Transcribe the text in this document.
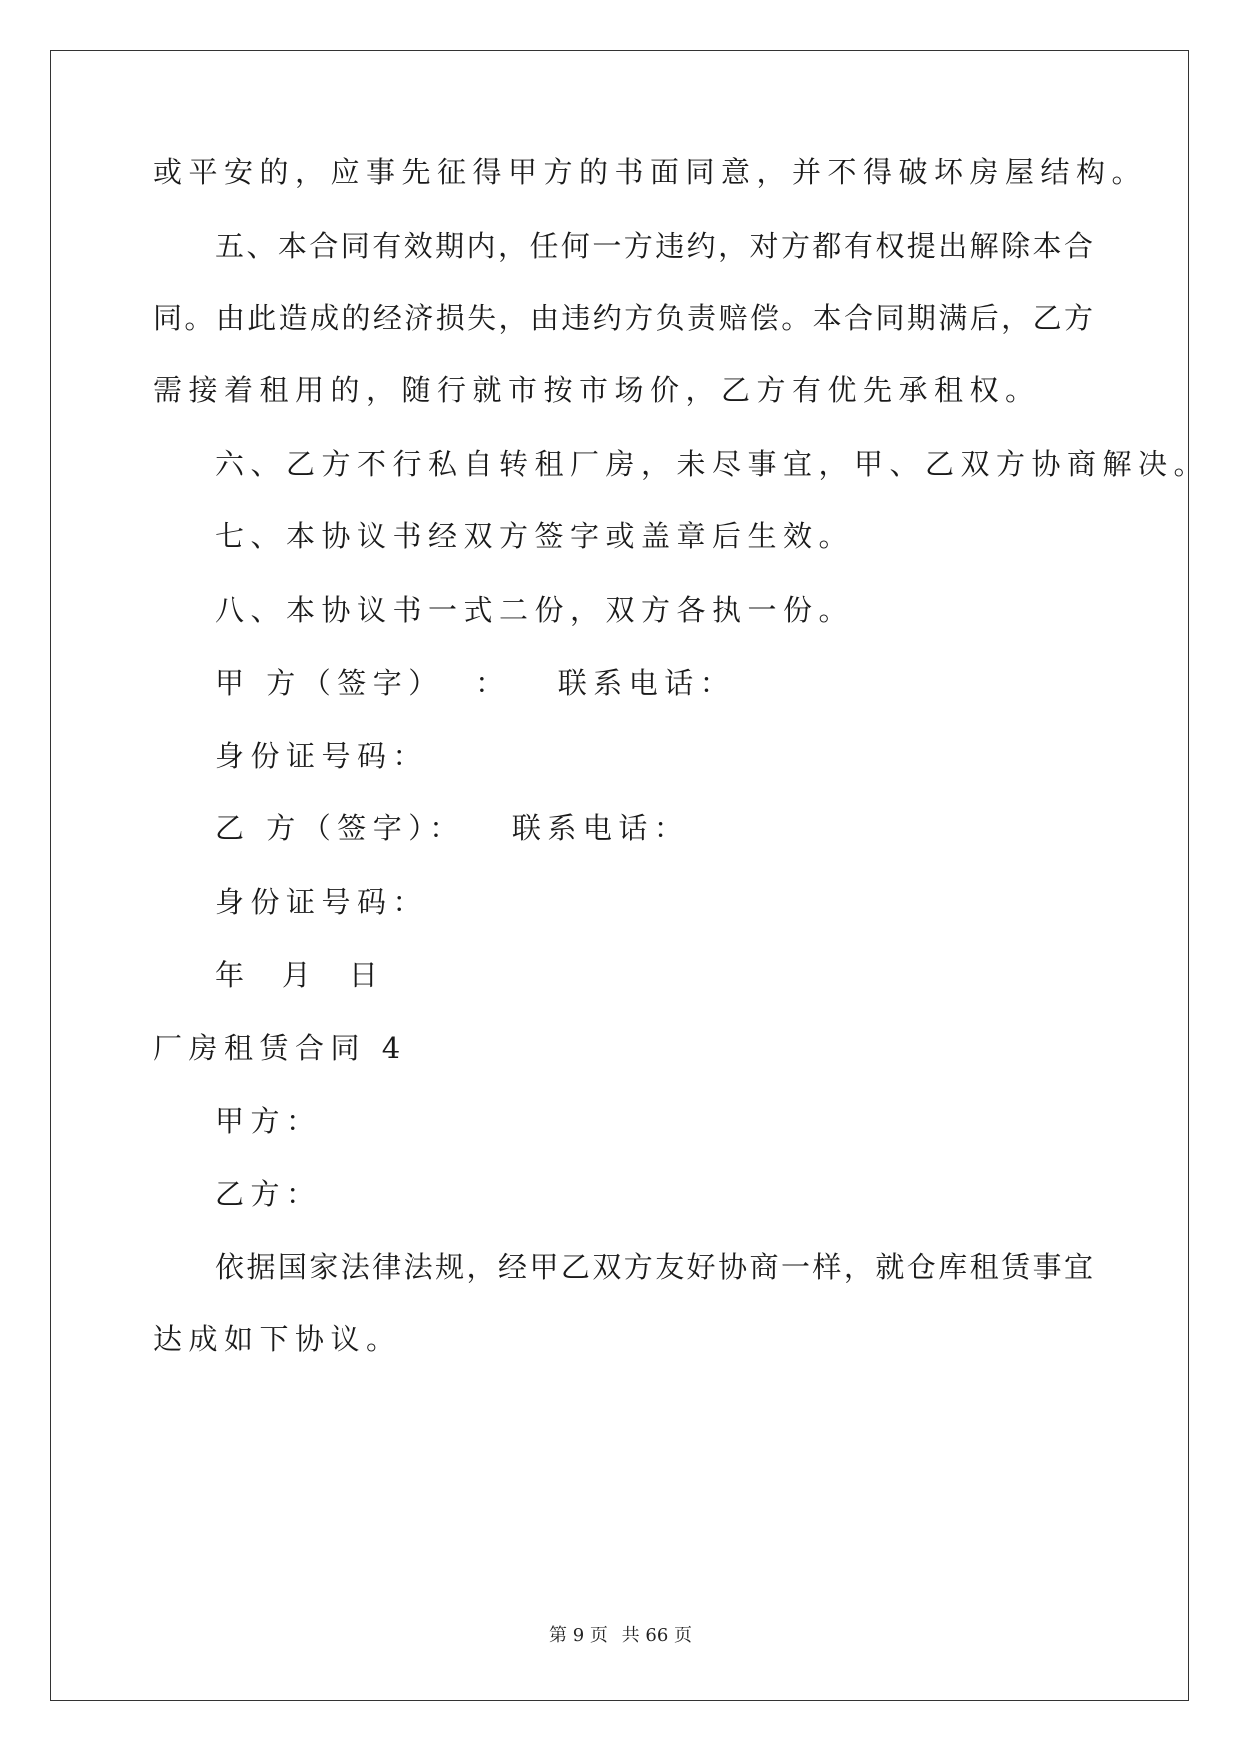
或平安的，应事先征得甲方的书面同意，并不得破坏房屋结构。
五、本合同有效期内，任何一方违约，对方都有权提出解除本合
同。由此造成的经济损失，由违约方负责赔偿。本合同期满后，乙方
需接着租用的，随行就市按市场价，乙方有优先承租权。
六、乙方不行私自转租厂房，未尽事宜，甲、乙双方协商解决。
七、本协议书经双方签字或盖章后生效。
八、本协议书一式二份，双方各执一份。
甲 方（签字）  ：   联系电话：
身份证号码：
乙 方（签字）：   联系电话：
身份证号码：
年  月  日
厂房租赁合同 4
甲方：
乙方：
依据国家法律法规，经甲乙双方友好协商一样，就仓库租赁事宜
达成如下协议。
第 9 页 共 66 页
